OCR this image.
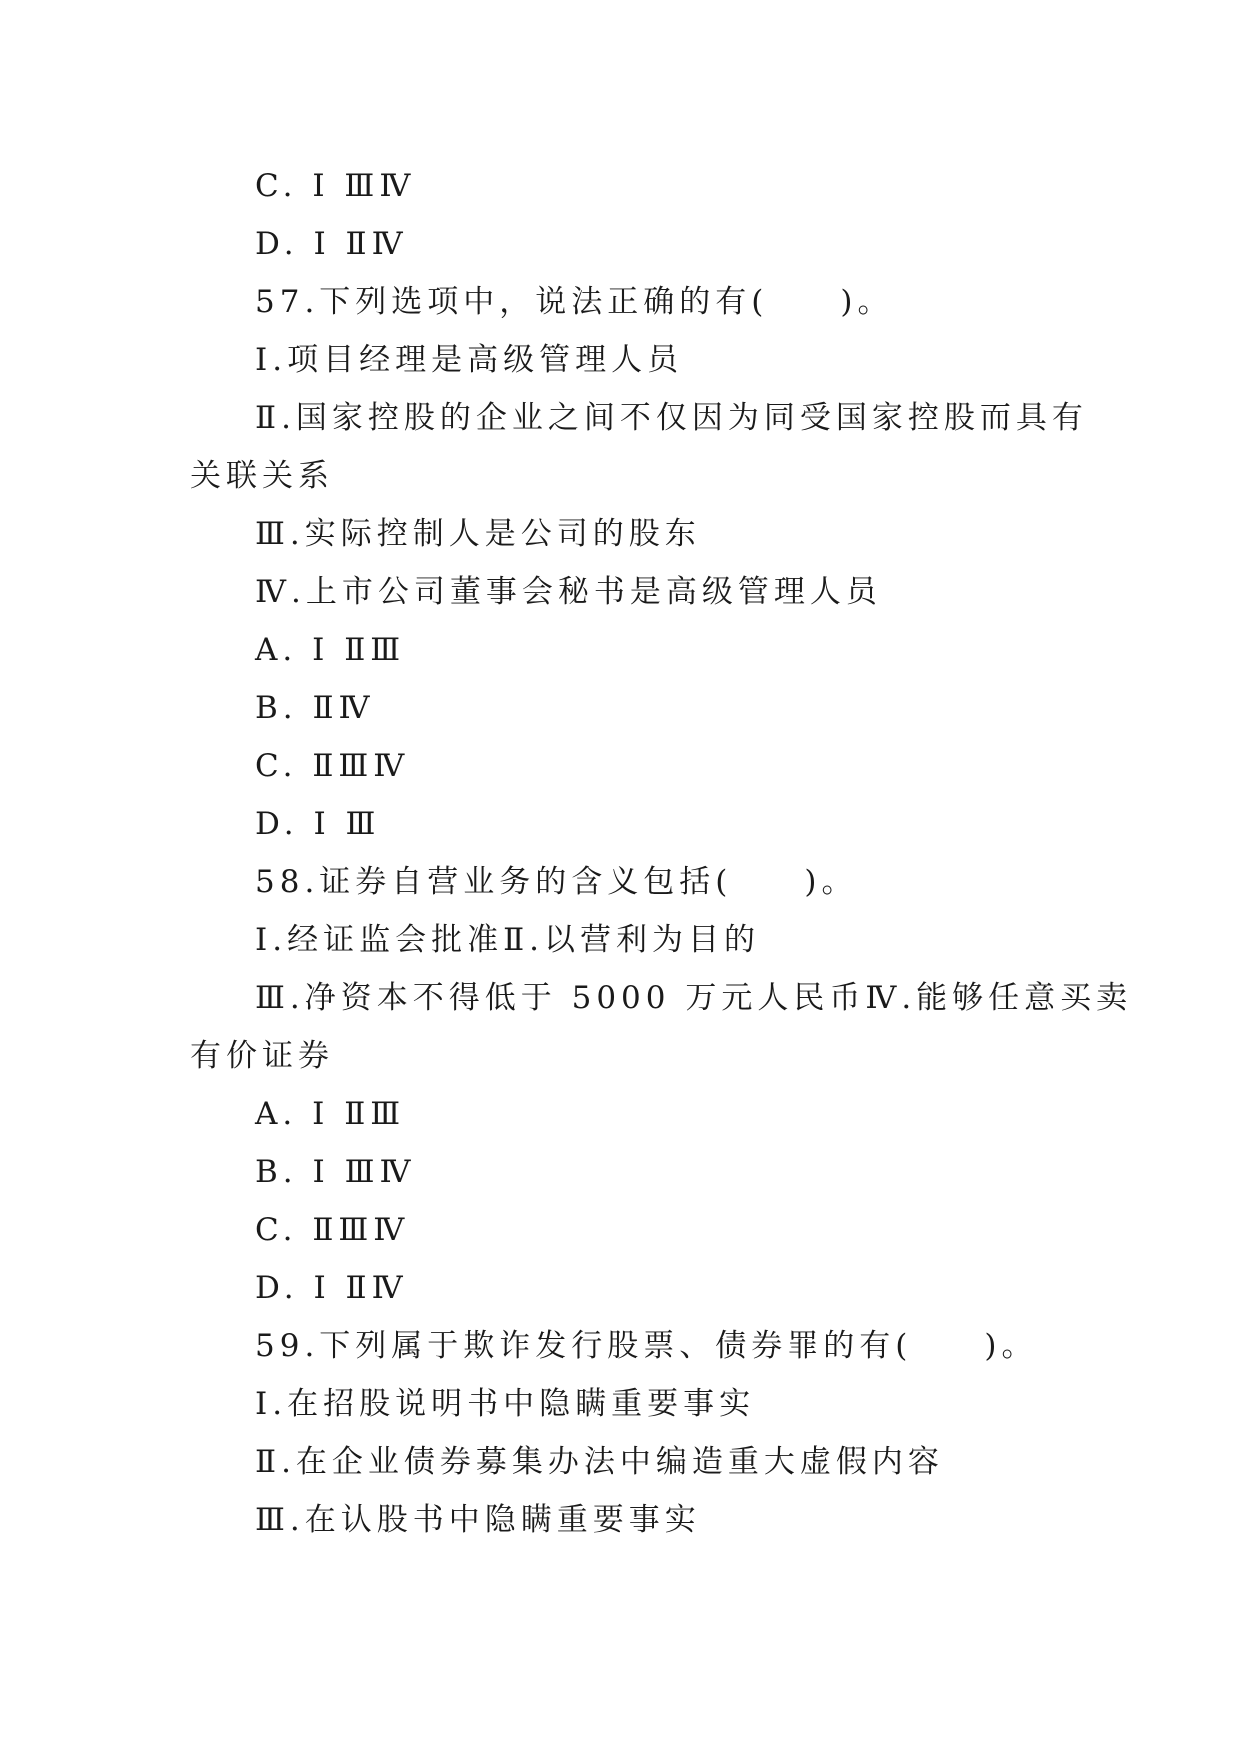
C. Ⅰ ⅢⅣ
D. Ⅰ ⅡⅣ
57.下列选项中，说法正确的有(　　)。
Ⅰ.项目经理是高级管理人员
Ⅱ.国家控股的企业之间不仅因为同受国家控股而具有
关联关系
Ⅲ.实际控制人是公司的股东
Ⅳ.上市公司董事会秘书是高级管理人员
A. Ⅰ ⅡⅢ
B. ⅡⅣ
C. ⅡⅢⅣ
D. Ⅰ Ⅲ
58.证券自营业务的含义包括(　　)。
Ⅰ.经证监会批准Ⅱ.以营利为目的
Ⅲ.净资本不得低于 5000 万元人民币Ⅳ.能够任意买卖
有价证券
A. Ⅰ ⅡⅢ
B. Ⅰ ⅢⅣ
C. ⅡⅢⅣ
D. Ⅰ ⅡⅣ
59.下列属于欺诈发行股票、债券罪的有(　　)。
Ⅰ.在招股说明书中隐瞒重要事实
Ⅱ.在企业债券募集办法中编造重大虚假内容
Ⅲ.在认股书中隐瞒重要事实
